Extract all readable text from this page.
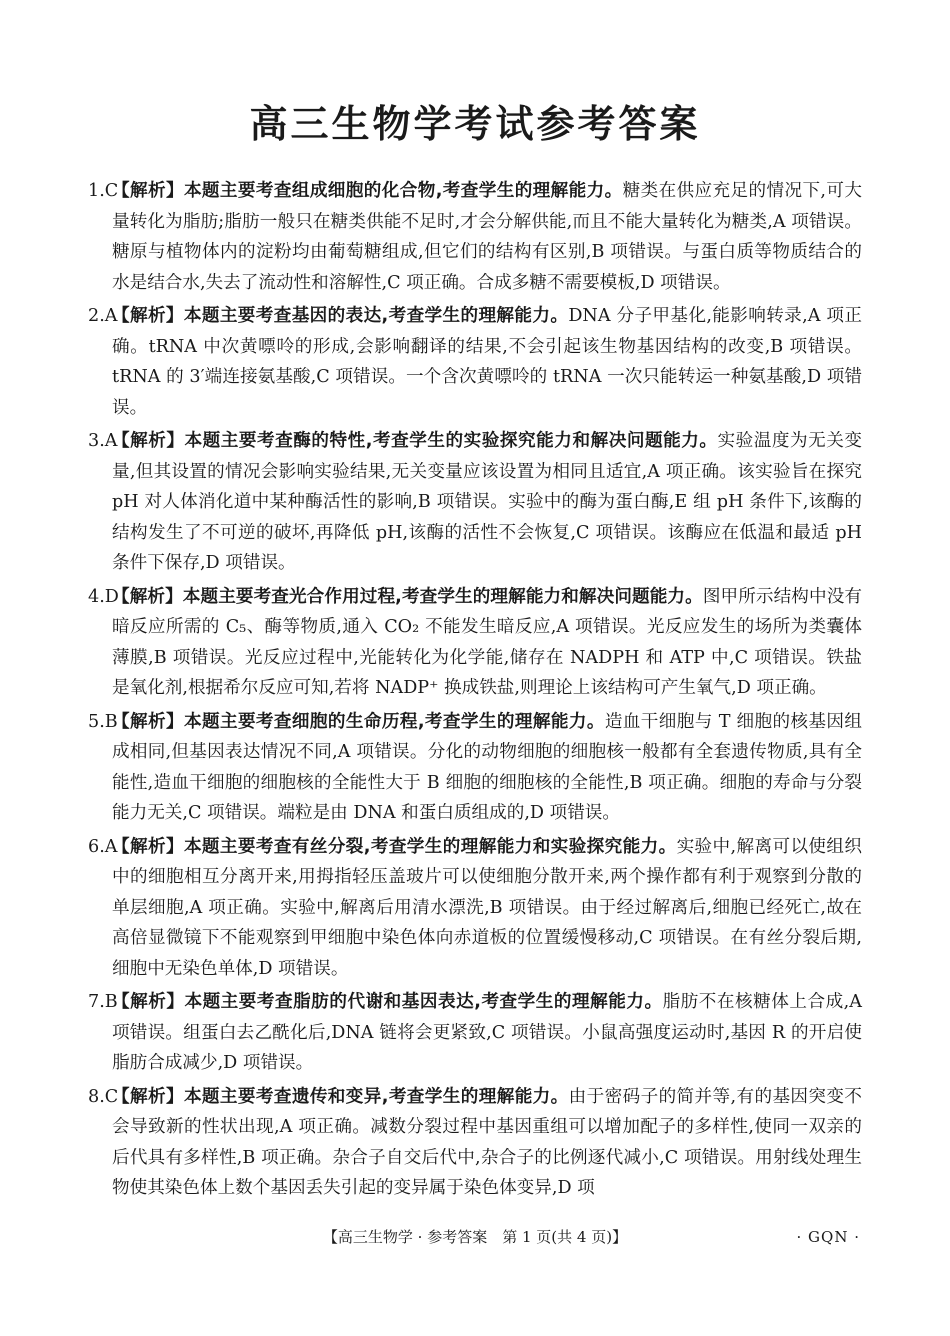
高三生物学考试参考答案
1.C
【解析】本题主要考查组成细胞的化合物,考查学生的理解能力。糖类在供应充足的情况下,可大量转化为脂肪;脂肪一般只在糖类供能不足时,才会分解供能,而且不能大量转化为糖类,A 项错误。糖原与植物体内的淀粉均由葡萄糖组成,但它们的结构有区别,B 项错误。与蛋白质等物质结合的水是结合水,失去了流动性和溶解性,C 项正确。合成多糖不需要模板,D 项错误。
2.A
【解析】本题主要考查基因的表达,考查学生的理解能力。DNA 分子甲基化,能影响转录,A 项正确。tRNA 中次黄嘌呤的形成,会影响翻译的结果,不会引起该生物基因结构的改变,B 项错误。tRNA 的 3′端连接氨基酸,C 项错误。一个含次黄嘌呤的 tRNA 一次只能转运一种氨基酸,D 项错误。
3.A
【解析】本题主要考查酶的特性,考查学生的实验探究能力和解决问题能力。实验温度为无关变量,但其设置的情况会影响实验结果,无关变量应该设置为相同且适宜,A 项正确。该实验旨在探究 pH 对人体消化道中某种酶活性的影响,B 项错误。实验中的酶为蛋白酶,E 组 pH 条件下,该酶的结构发生了不可逆的破坏,再降低 pH,该酶的活性不会恢复,C 项错误。该酶应在低温和最适 pH 条件下保存,D 项错误。
4.D
【解析】本题主要考查光合作用过程,考查学生的理解能力和解决问题能力。图甲所示结构中没有暗反应所需的 C₅、酶等物质,通入 CO₂ 不能发生暗反应,A 项错误。光反应发生的场所为类囊体薄膜,B 项错误。光反应过程中,光能转化为化学能,储存在 NADPH 和 ATP 中,C 项错误。铁盐是氧化剂,根据希尔反应可知,若将 NADP⁺ 换成铁盐,则理论上该结构可产生氧气,D 项正确。
5.B
【解析】本题主要考查细胞的生命历程,考查学生的理解能力。造血干细胞与 T 细胞的核基因组成相同,但基因表达情况不同,A 项错误。分化的动物细胞的细胞核一般都有全套遗传物质,具有全能性,造血干细胞的细胞核的全能性大于 B 细胞的细胞核的全能性,B 项正确。细胞的寿命与分裂能力无关,C 项错误。端粒是由 DNA 和蛋白质组成的,D 项错误。
6.A
【解析】本题主要考查有丝分裂,考查学生的理解能力和实验探究能力。实验中,解离可以使组织中的细胞相互分离开来,用拇指轻压盖玻片可以使细胞分散开来,两个操作都有利于观察到分散的单层细胞,A 项正确。实验中,解离后用清水漂洗,B 项错误。由于经过解离后,细胞已经死亡,故在高倍显微镜下不能观察到甲细胞中染色体向赤道板的位置缓慢移动,C 项错误。在有丝分裂后期,细胞中无染色单体,D 项错误。
7.B
【解析】本题主要考查脂肪的代谢和基因表达,考查学生的理解能力。脂肪不在核糖体上合成,A 项错误。组蛋白去乙酰化后,DNA 链将会更紧致,C 项错误。小鼠高强度运动时,基因 R 的开启使脂肪合成减少,D 项错误。
8.C
【解析】本题主要考查遗传和变异,考查学生的理解能力。由于密码子的简并等,有的基因突变不会导致新的性状出现,A 项正确。减数分裂过程中基因重组可以增加配子的多样性,使同一双亲的后代具有多样性,B 项正确。杂合子自交后代中,杂合子的比例逐代减小,C 项错误。用射线处理生物使其染色体上数个基因丢失引起的变异属于染色体变异,D 项
【高三生物学 · 参考答案　第 1 页(共 4 页)】	· GQN ·
